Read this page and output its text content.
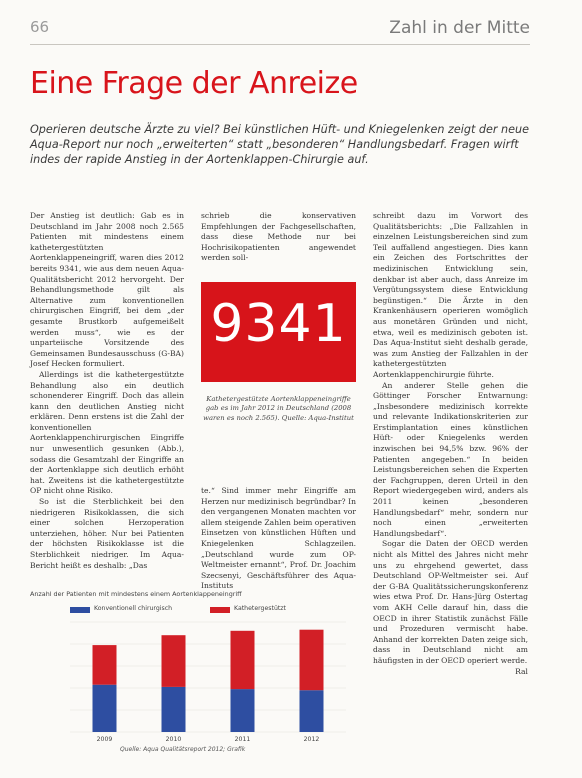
66	Zahl in der Mitte
Eine Frage der Anreize
Operieren deutsche Ärzte zu viel? Bei künstlichen Hüft- und Kniegelenken zeigt der neue Aqua-Report nur noch „erweiterten“ statt „besonderen“ Handlungsbedarf. Fragen wirft indes der rapide Anstieg in der Aortenklappen-Chirurgie auf.

Der Anstieg ist deutlich: Gab es in Deutschland im Jahr 2008 noch 2.565 Patienten mit mindestens einem kathetergestützten Aortenklappeneingriff, waren dies 2012 bereits 9341, wie aus dem neuen Aqua-Qualitätsbericht 2012 hervorgeht. Der Behandlungsmethode gilt als Alternative zum konventionellen chirurgischen Eingriff, bei dem „der gesamte Brustkorb aufgemeißelt werden muss“, wie es der unparteiische Vorsitzende des Gemeinsamen Bundesausschuss (G-BA) Josef Hecken formuliert.

Allerdings ist die kathetergestützte Behandlung also ein deutlich schonenderer Eingriff. Doch das allein kann den deutlichen Anstieg nicht erklären. Denn erstens ist die Zahl der konventionellen Aortenklappenchirurgischen Eingriffe nur unwesentlich gesunken (Abb.), sodass die Gesamtzahl der Eingriffe an der Aortenklappe sich deutlich erhöht hat. Zweitens ist die kathetergestützte OP nicht ohne Risiko.

So ist die Sterblichkeit bei den niedrigeren Risikoklassen, die sich einer solchen Herzoperation unterziehen, höher. Nur bei Patienten der höchsten Risikoklasse ist die Sterblichkeit niedriger. Im Aqua-Bericht heißt es deshalb: „Das

schrieb die konservativen Empfehlungen der Fachgesellschaften, dass diese Methode nur bei Hochrisikopatienten angewendet werden soll-

9341
Kathetergestützte Aortenklappeneingriffe gab es im Jahr 2012 in Deutschland (2008 waren es noch 2.565). Quelle: Aqua-Institut

te.“ Sind immer mehr Eingriffe am Herzen nur medizinisch begründbar? In den vergangenen Monaten machten vor allem steigende Zahlen beim operativen Einsetzen von künstlichen Hüften und Kniegelenken Schlagzeilen. „Deutschland wurde zum OP-Weltmeister ernannt“, Prof. Dr. Joachim Szecsenyi, Geschäftsführer des Aqua-Instituts

schreibt dazu im Vorwort des Qualitätsberichts: „Die Fallzahlen in einzelnen Leistungsbereichen sind zum Teil auffallend angestiegen. Dies kann ein Zeichen des Fortschrittes der medizinischen Entwicklung sein, denkbar ist aber auch, dass Anreize im Vergütungssystem diese Entwicklung begünstigen.“ Die Ärzte in den Krankenhäusern operieren womöglich aus monetären Gründen und nicht, etwa, weil es medizinisch geboten ist. Das Aqua-Institut sieht deshalb gerade, was zum Anstieg der Fallzahlen in der kathetergestützten Aortenklappenchirurgie führte.

An anderer Stelle gehen die Göttinger Forscher Entwarnung: „Insbesondere medizinisch korrekte und relevante Indikationskriterien zur Erstimplantation eines künstlichen Hüft- oder Kniegelenks werden inzwischen bei 94,5% bzw. 96% der Patienten angegeben.“ In beiden Leistungsbereichen sehen die Experten der Fachgruppen, deren Urteil in den Report wiedergegeben wird, anders als 2011 keinen „besonderen Handlungsbedarf“ mehr, sondern nur noch einen „erweiterten Handlungsbedarf“.

Sogar die Daten der OECD werden nicht als Mittel des Jahres nicht mehr uns zu ehrgehend gewertet, dass Deutschland OP-Weltmeister sei. Auf der G-BA Qualitätssicherungskonferenz wies etwa Prof. Dr. Hans-Jürg Ostertag vom AKH Celle darauf hin, dass die OECD in ihrer Statistik zunächst Fälle und Prozeduren vermischt habe. Anhand der korrekten Daten zeige sich, dass in Deutschland nicht am häufigsten in der OECD operiert werde.

Ral

Anzahl der Patienten mit mindestens einem Aortenklappeneingriff
Konventionell chirurgisch	Kathetergestützt
2009	2010	2011	2012
Quelle: Aqua Qualitätsreport 2012; Grafik
